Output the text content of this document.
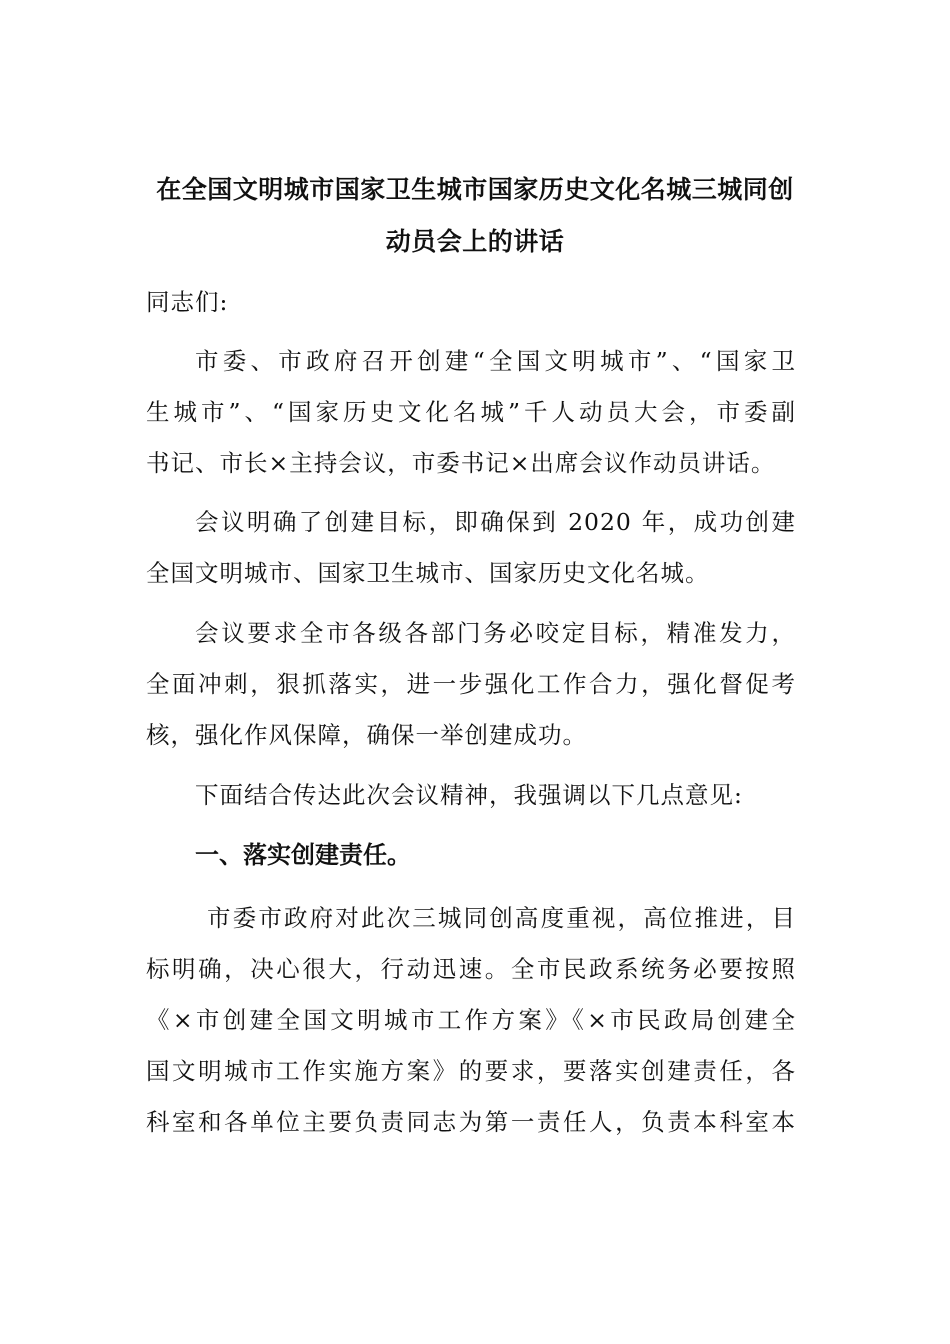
在全国文明城市国家卫生城市国家历史文化名城三城同创
动员会上的讲话
同志们:
市委、市政府召开创建“全国文明城市”、“国家卫
生城市”、“国家历史文化名城”千人动员大会，市委副
书记、市长×主持会议，市委书记×出席会议作动员讲话。
会议明确了创建目标，即确保到 2020 年，成功创建
全国文明城市、国家卫生城市、国家历史文化名城。
会议要求全市各级各部门务必咬定目标，精准发力，
全面冲刺，狠抓落实，进一步强化工作合力，强化督促考
核，强化作风保障，确保一举创建成功。
下面结合传达此次会议精神，我强调以下几点意见:
一、落实创建责任。
市委市政府对此次三城同创高度重视，高位推进，目
标明确，决心很大，行动迅速。全市民政系统务必要按照
《×市创建全国文明城市工作方案》《×市民政局创建全
国文明城市工作实施方案》的要求，要落实创建责任，各
科室和各单位主要负责同志为第一责任人，负责本科室本
